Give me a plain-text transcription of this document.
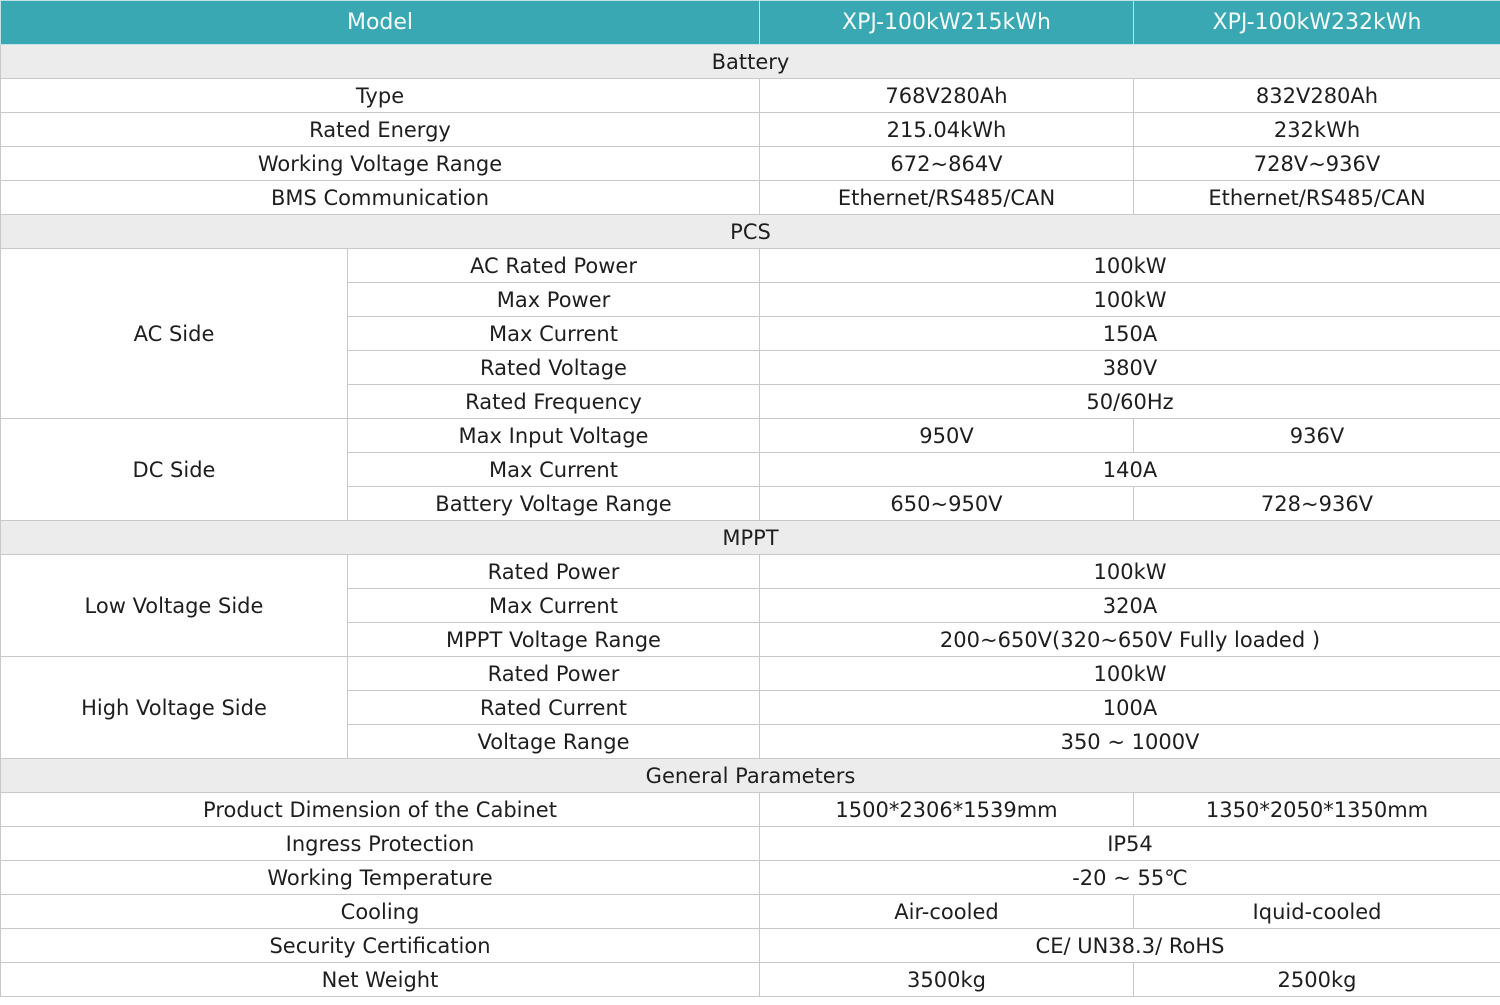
Model		XPJ-100kW215kWh	XPJ-100kW232kWh
Battery			
Type		768V280Ah	832V280Ah
Rated Energy		215.04kWh	232kWh
Working Voltage Range		672~864V	728V~936V
BMS Communication		Ethernet/RS485/CAN	Ethernet/RS485/CAN
PCS			
AC Side	AC Rated Power	100kW	
	Max Power	100kW	
	Max Current	150A	
	Rated Voltage	380V	
	Rated Frequency	50/60Hz	
DC Side	Max Input Voltage	950V	936V
	Max Current	140A	
	Battery Voltage Range	650~950V	728~936V
MPPT			
Low Voltage Side	Rated Power	100kW	
	Max Current	320A	
	MPPT Voltage Range	200~650V(320~650V Fully loaded )	
High Voltage Side	Rated Power	100kW	
	Rated Current	100A	
	Voltage Range	350 ~ 1000V	
General Parameters			
Product Dimension of the Cabinet		1500*2306*1539mm	1350*2050*1350mm
Ingress Protection		IP54	
Working Temperature		-20 ~ 55℃	
Cooling		Air-cooled	Iquid-cooled
Security Certification		CE/ UN38.3/ RoHS	
Net Weight		3500kg	2500kg
